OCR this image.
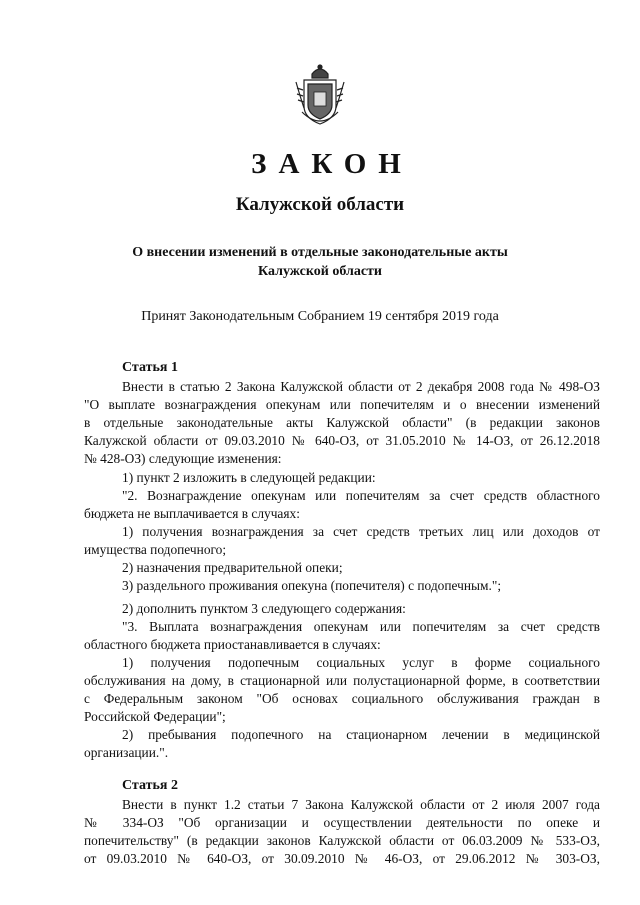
ЗАКОН
Калужской области
О внесении изменений в отдельные законодательные акты
Калужской области
Принят Законодательным Собранием 19 сентября 2019 года
Статья 1
Внести в статью 2 Закона Калужской области от 2 декабря 2008 года № 498-ОЗ
"О выплате вознаграждения опекунам или попечителям и о внесении изменений
в отдельные законодательные акты Калужской области" (в редакции законов
Калужской области от 09.03.2010 № 640-ОЗ, от 31.05.2010 № 14-ОЗ, от 26.12.2018
№ 428-ОЗ) следующие изменения:
1) пункт 2 изложить в следующей редакции:
"2. Вознаграждение опекунам или попечителям за счет средств областного
бюджета не выплачивается в случаях:
1) получения вознаграждения за счет средств третьих лиц или доходов от
имущества подопечного;
2) назначения предварительной опеки;
3) раздельного проживания опекуна (попечителя) с подопечным.";
2) дополнить пунктом 3 следующего содержания:
"3. Выплата вознаграждения опекунам или попечителям за счет средств
областного бюджета приостанавливается в случаях:
1) получения подопечным социальных услуг в форме социального
обслуживания на дому, в стационарной или полустационарной форме, в соответствии
с Федеральным законом "Об основах социального обслуживания граждан в
Российской Федерации";
2) пребывания подопечного на стационарном лечении в медицинской
организации.".
Статья 2
Внести в пункт 1.2 статьи 7 Закона Калужской области от 2 июля 2007 года
№ 334-ОЗ "Об организации и осуществлении деятельности по опеке и
попечительству" (в редакции законов Калужской области от 06.03.2009 № 533-ОЗ,
от 09.03.2010 № 640-ОЗ, от 30.09.2010 № 46-ОЗ, от 29.06.2012 № 303-ОЗ,
